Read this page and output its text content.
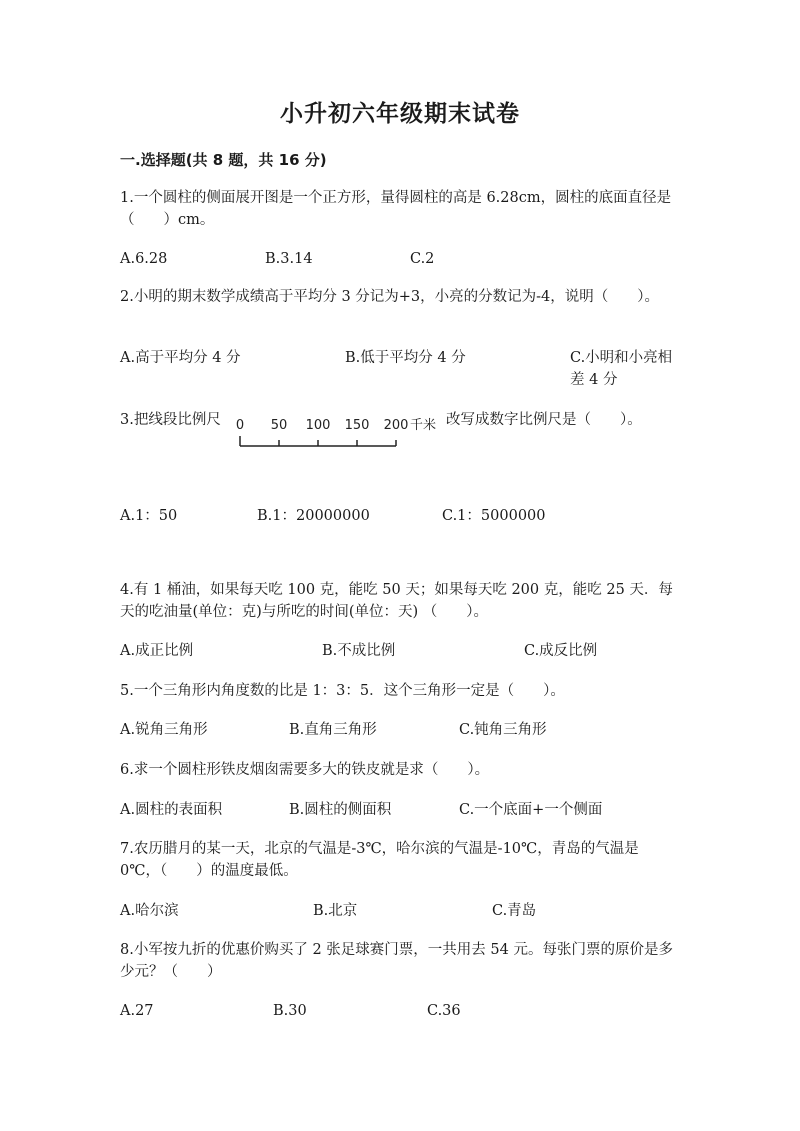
小升初六年级期末试卷
一.选择题(共 8 题，共 16 分)
1.一个圆柱的侧面展开图是一个正方形，量得圆柱的高是 6.28cm，圆柱的底面直径是（　　）cm。
A.6.28	B.3.14	C.2
2.小明的期末数学成绩高于平均分 3 分记为+3，小亮的分数记为-4，说明（　　）。
A.高于平均分 4 分	B.低于平均分 4 分	C.小明和小亮相差 4 分
3.把线段比例尺 0 50 100 150 200 千米 改写成数字比例尺是（　　）。
A.1：50	B.1：20000000	C.1：5000000
4.有 1 桶油，如果每天吃 100 克，能吃 50 天；如果每天吃 200 克，能吃 25 天．每天的吃油量(单位：克)与所吃的时间(单位：天) （　　）。
A.成正比例	B.不成比例	C.成反比例
5.一个三角形内角度数的比是 1：3：5．这个三角形一定是（　　）。
A.锐角三角形	B.直角三角形	C.钝角三角形
6.求一个圆柱形铁皮烟囱需要多大的铁皮就是求（　　）。
A.圆柱的表面积	B.圆柱的侧面积	C.一个底面+一个侧面
7.农历腊月的某一天，北京的气温是-3℃，哈尔滨的气温是-10℃，青岛的气温是 0℃，（　　）的温度最低。
A.哈尔滨	B.北京	C.青岛
8.小军按九折的优惠价购买了 2 张足球赛门票，一共用去 54 元。每张门票的原价是多少元？（　　）
A.27	B.30	C.36
